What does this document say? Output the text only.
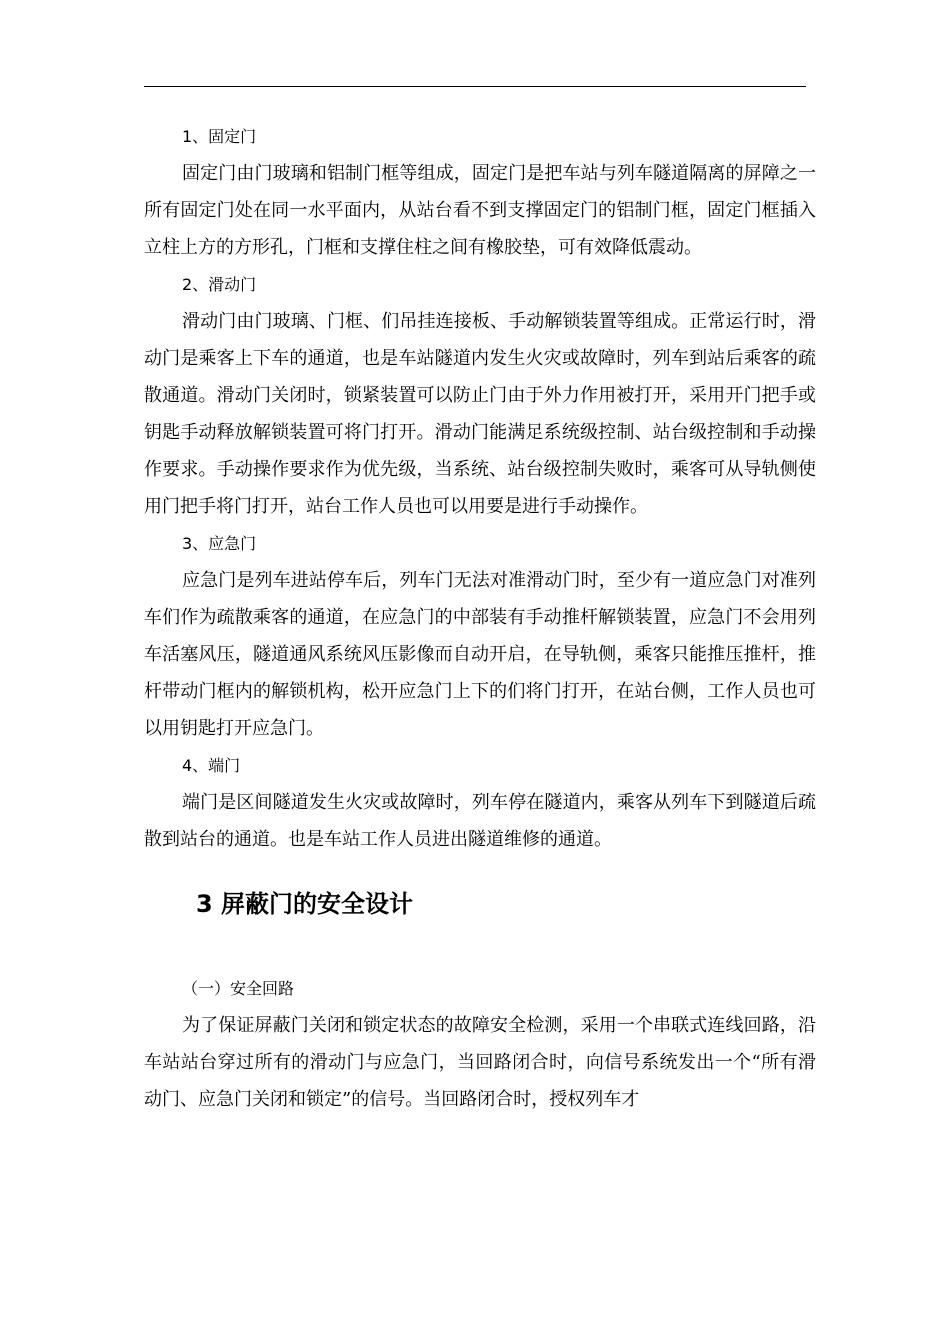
1、固定门

固定门由门玻璃和铝制门框等组成，固定门是把车站与列车隧道隔离的屏障之一所有固定门处在同一水平面内，从站台看不到支撑固定门的铝制门框，固定门框插入立柱上方的方形孔，门框和支撑住柱之间有橡胶垫，可有效降低震动。

2、滑动门

滑动门由门玻璃、门框、们吊挂连接板、手动解锁装置等组成。正常运行时，滑动门是乘客上下车的通道，也是车站隧道内发生火灾或故障时，列车到站后乘客的疏散通道。滑动门关闭时，锁紧装置可以防止门由于外力作用被打开，采用开门把手或钥匙手动释放解锁装置可将门打开。滑动门能满足系统级控制、站台级控制和手动操作要求。手动操作要求作为优先级，当系统、站台级控制失败时，乘客可从导轨侧使用门把手将门打开，站台工作人员也可以用要是进行手动操作。

3、应急门

应急门是列车进站停车后，列车门无法对准滑动门时，至少有一道应急门对准列车们作为疏散乘客的通道，在应急门的中部装有手动推杆解锁装置，应急门不会用列车活塞风压，隧道通风系统风压影像而自动开启，在导轨侧，乘客只能推压推杆，推杆带动门框内的解锁机构，松开应急门上下的们将门打开，在站台侧，工作人员也可以用钥匙打开应急门。

4、端门

端门是区间隧道发生火灾或故障时，列车停在隧道内，乘客从列车下到隧道后疏散到站台的通道。也是车站工作人员进出隧道维修的通道。

3 屏蔽门的安全设计

（一）安全回路

为了保证屏蔽门关闭和锁定状态的故障安全检测，采用一个串联式连线回路，沿车站站台穿过所有的滑动门与应急门，当回路闭合时，向信号系统发出一个“所有滑动门、应急门关闭和锁定”的信号。当回路闭合时，授权列车才
